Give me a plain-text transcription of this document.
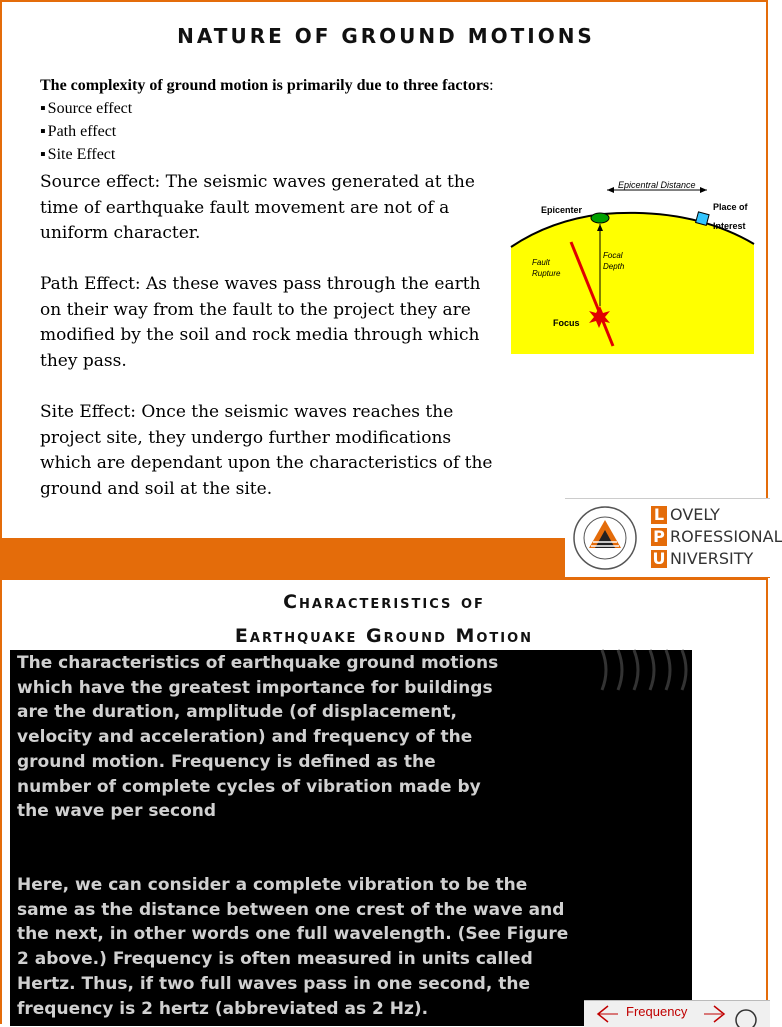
NATURE OF GROUND MOTIONS
The complexity of ground motion is primarily due to three factors:
▪ Source effect
▪ Path effect
▪ Site Effect
Source effect: The seismic waves generated at the time of earthquake fault movement are not of a uniform character.
Path Effect: As these waves pass through the earth on their way from the fault to the project they are modified by the soil and rock media through which they pass.
Site Effect: Once the seismic waves reaches the project site, they undergo further modifications which are dependant upon the characteristics of the ground and soil at the site.
Epicentral Distance
Epicenter	Place of
Interest
Focal
Depth
Fault
Rupture
Focus
L OVELY
P ROFESSIONAL
U NIVERSITY
Characteristics of
Earthquake Ground Motion
The characteristics of earthquake ground motions
which have the greatest importance for buildings
are the duration, amplitude (of displacement,
velocity and acceleration) and frequency of the
ground motion. Frequency is defined as the
number of complete cycles of vibration made by
the wave per second
Here, we can consider a complete vibration to be the
same as the distance between one crest of the wave and
the next, in other words one full wavelength. (See Figure
2 above.) Frequency is often measured in units called
Hertz. Thus, if two full waves pass in one second, the
frequency is 2 hertz (abbreviated as 2 Hz).	Frequency
